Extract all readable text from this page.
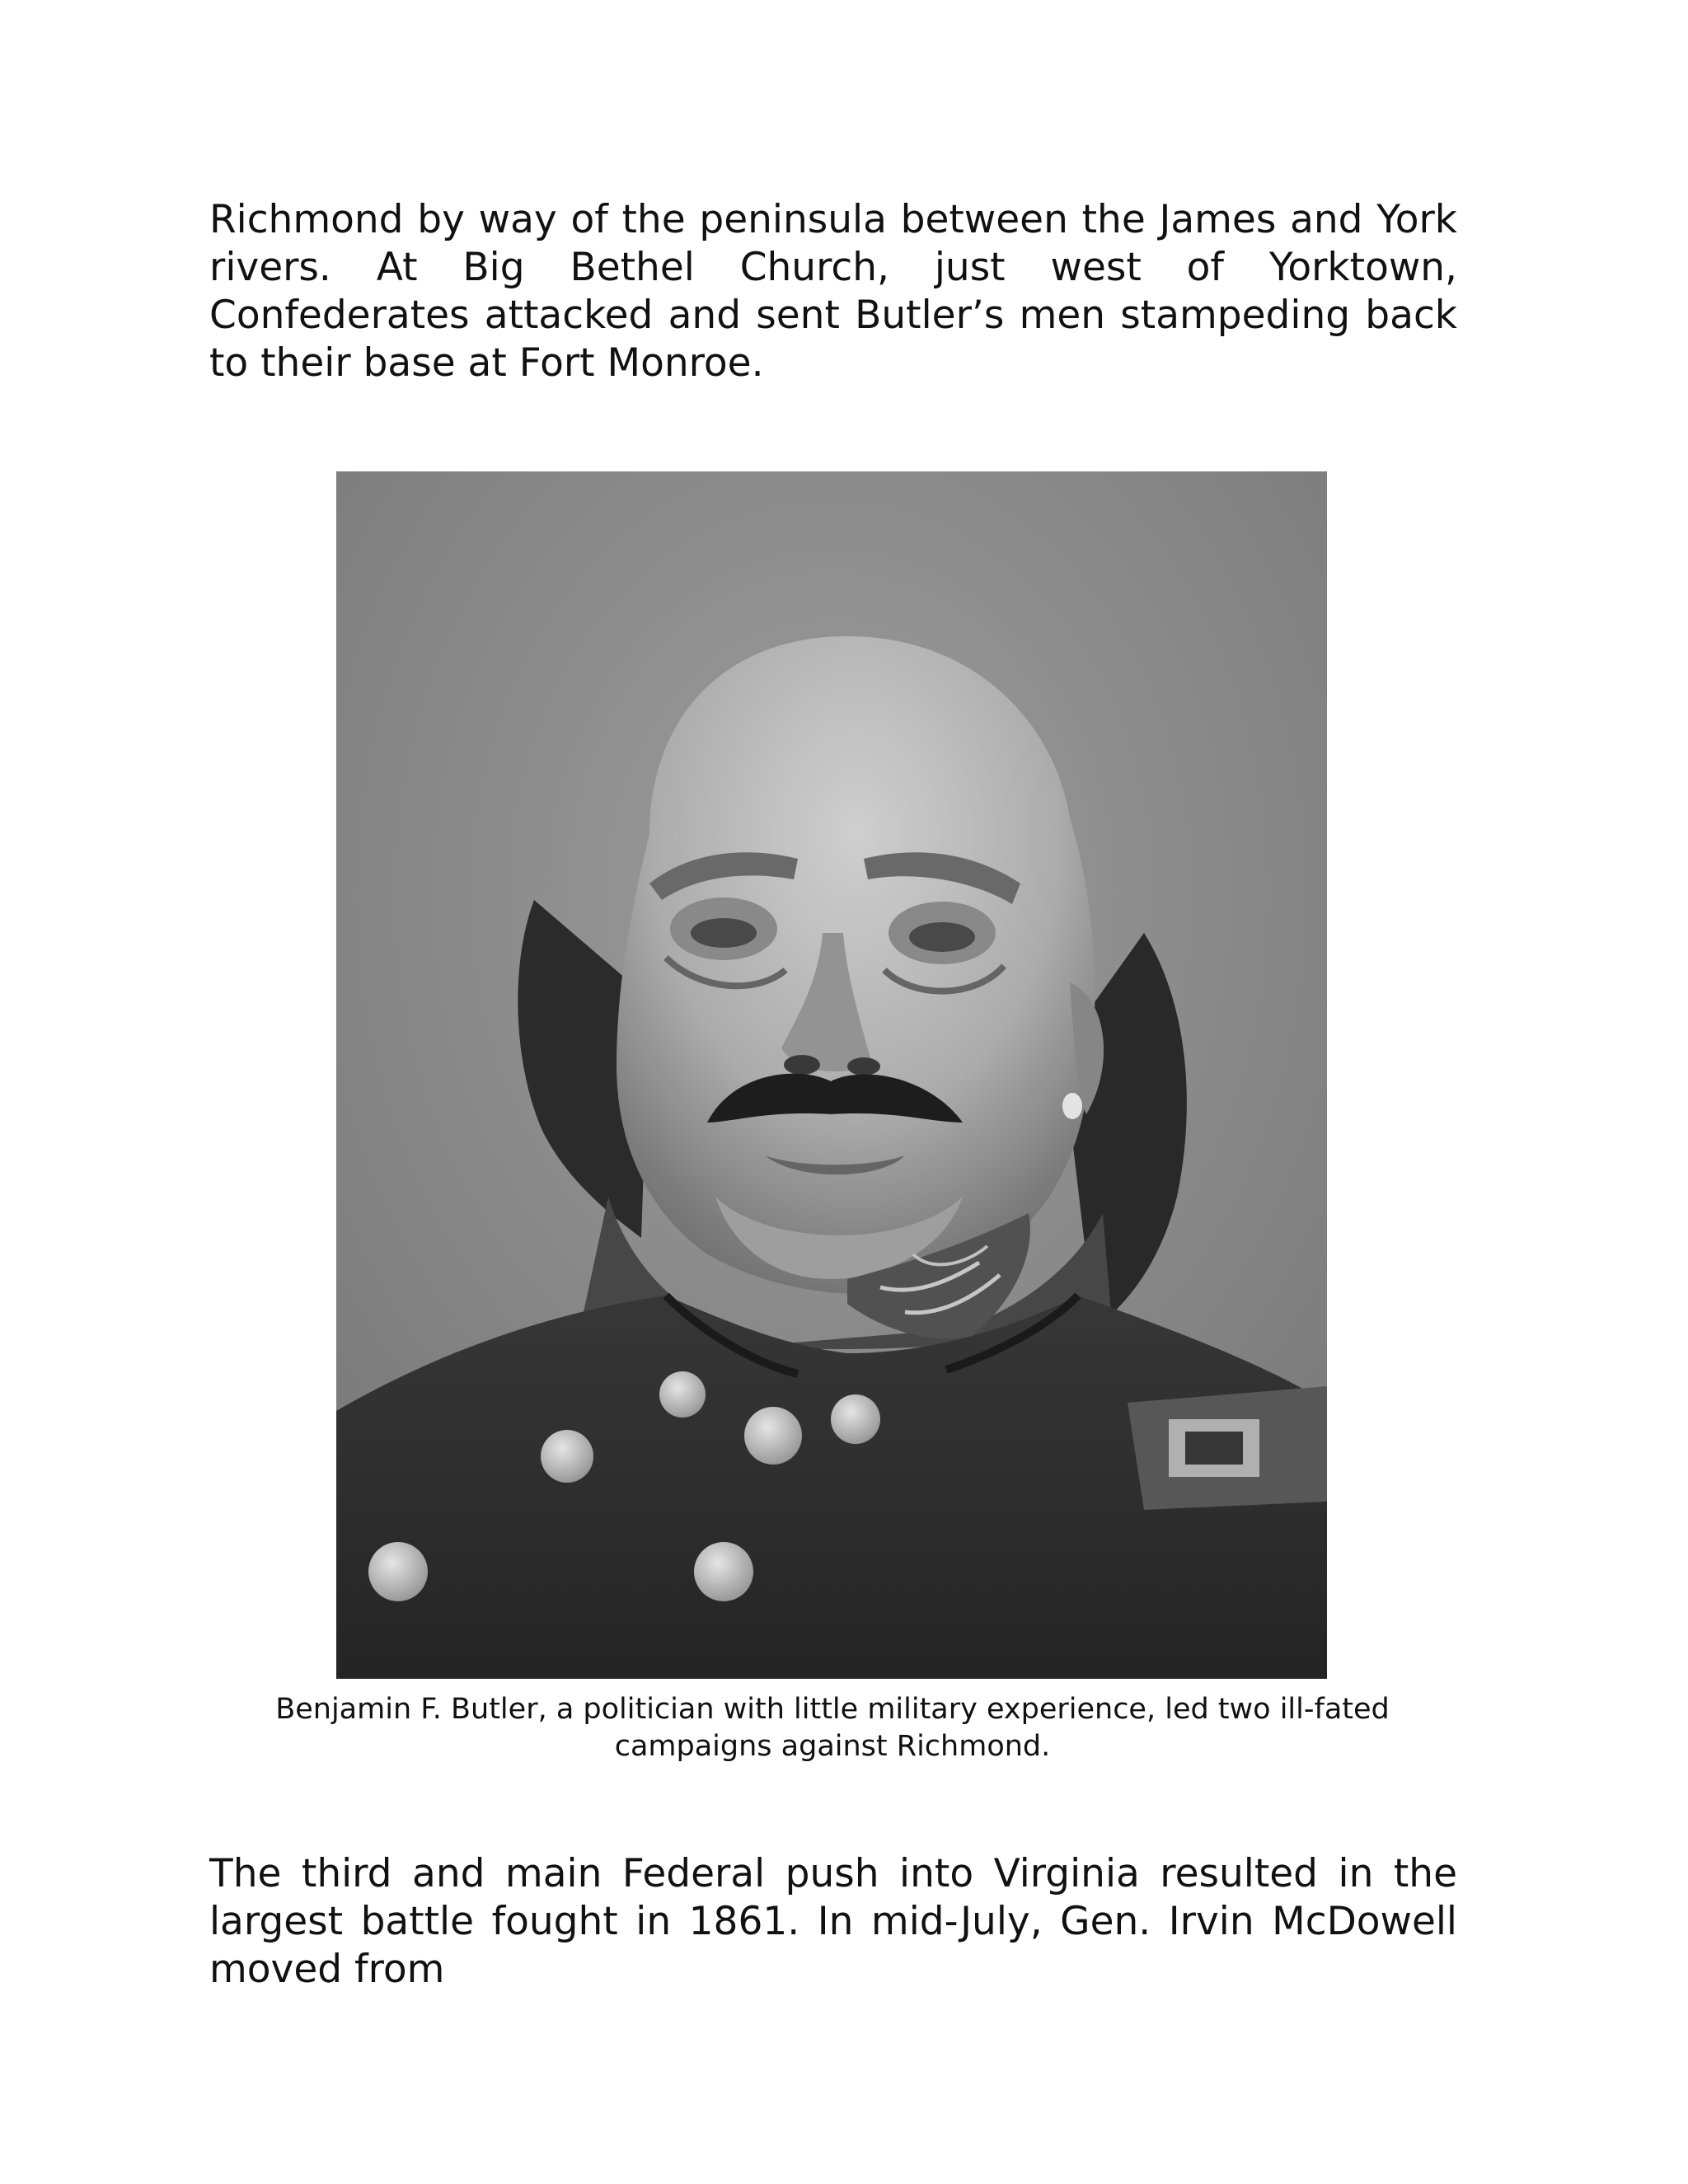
Richmond by way of the peninsula between the James and York rivers. At Big Bethel Church, just west of Yorktown, Confederates attacked and sent Butler’s men stampeding back to their base at Fort Monroe.

Benjamin F. Butler, a politician with little military experience, led two ill-fated campaigns against Richmond.

The third and main Federal push into Virginia resulted in the largest battle fought in 1861. In mid-July, Gen. Irvin McDowell moved from
